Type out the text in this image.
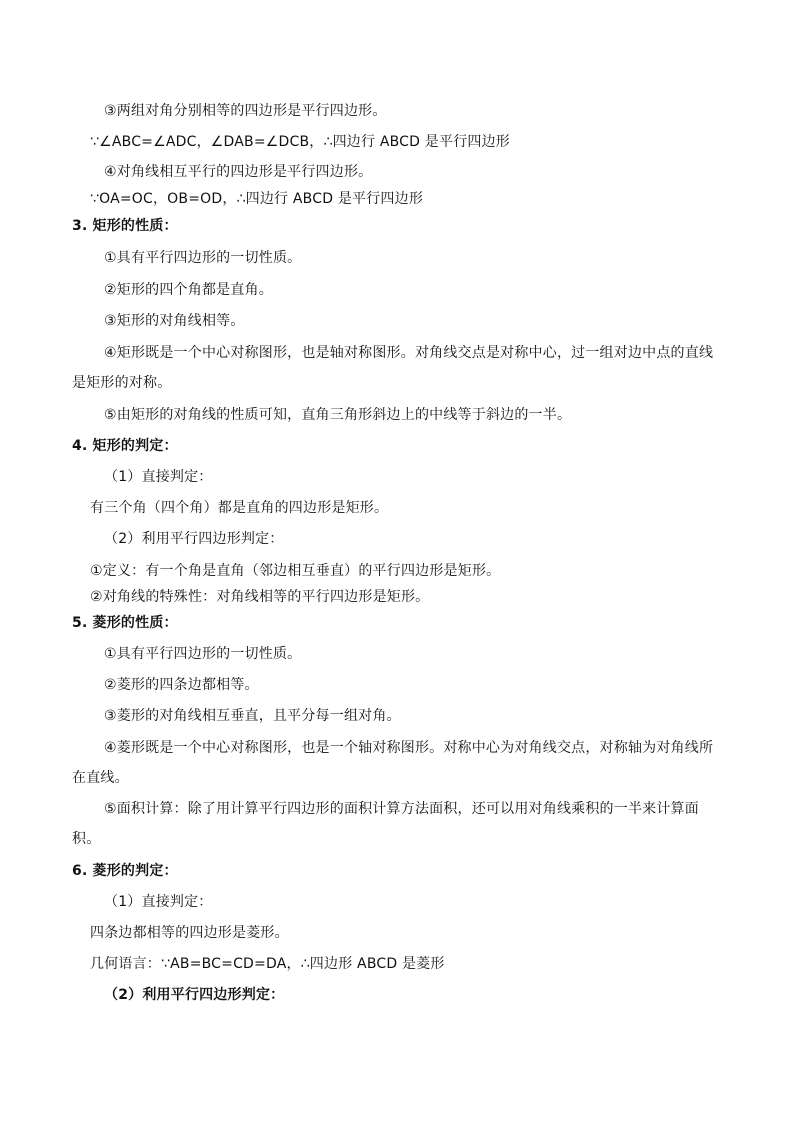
③两组对角分别相等的四边形是平行四边形。
∵∠ABC=∠ADC，∠DAB=∠DCB，∴四边行 ABCD 是平行四边形
④对角线相互平行的四边形是平行四边形。
∵OA=OC，OB=OD，∴四边行 ABCD 是平行四边形
3. 矩形的性质：
①具有平行四边形的一切性质。
②矩形的四个角都是直角。
③矩形的对角线相等。
④矩形既是一个中心对称图形，也是轴对称图形。对角线交点是对称中心，过一组对边中点的直线是矩形的对称。
⑤由矩形的对角线的性质可知，直角三角形斜边上的中线等于斜边的一半。
4. 矩形的判定：
（1）直接判定：
有三个角（四个角）都是直角的四边形是矩形。
（2）利用平行四边形判定：
①定义：有一个角是直角（邻边相互垂直）的平行四边形是矩形。
②对角线的特殊性：对角线相等的平行四边形是矩形。
5. 菱形的性质：
①具有平行四边形的一切性质。
②菱形的四条边都相等。
③菱形的对角线相互垂直，且平分每一组对角。
④菱形既是一个中心对称图形，也是一个轴对称图形。对称中心为对角线交点，对称轴为对角线所在直线。
⑤面积计算：除了用计算平行四边形的面积计算方法面积，还可以用对角线乘积的一半来计算面积。
6. 菱形的判定：
（1）直接判定：
四条边都相等的四边形是菱形。
几何语言：∵AB=BC=CD=DA，∴四边形 ABCD 是菱形
（2）利用平行四边形判定：
